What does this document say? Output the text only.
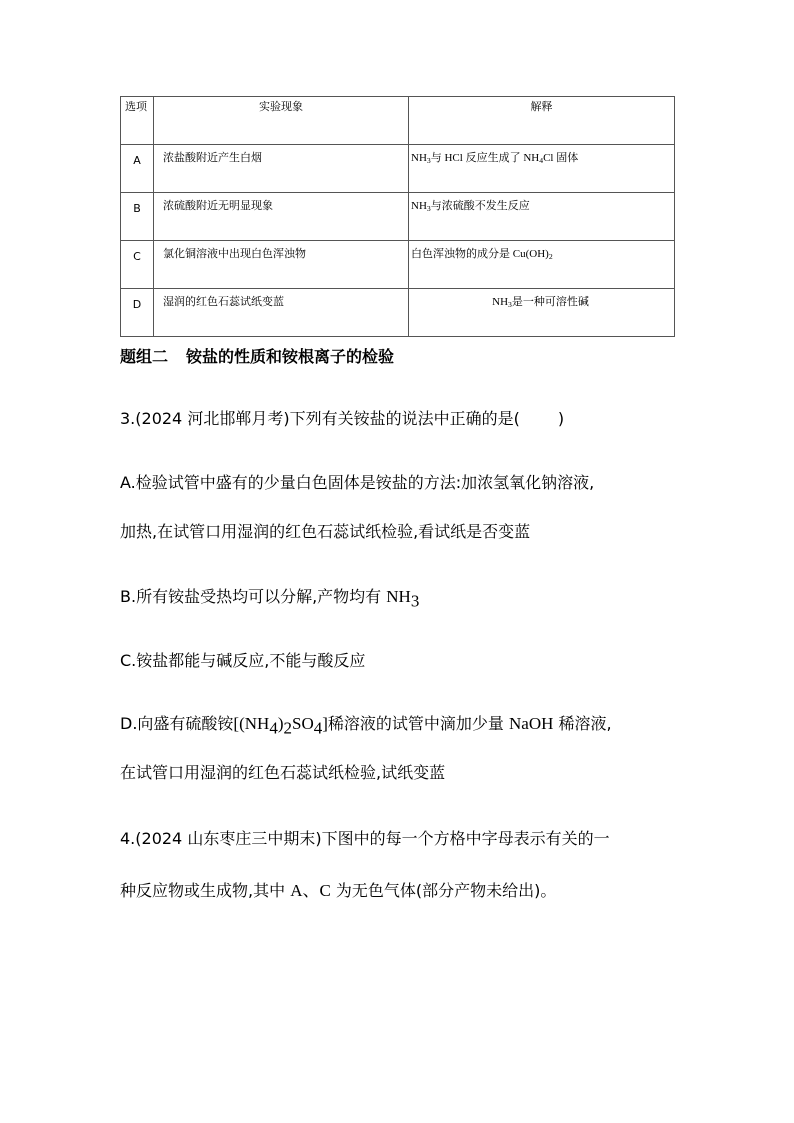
选项	实验现象	解释

A	浓盐酸附近产生白烟	$NH_3$与 HCl 反应生成了 $NH_4Cl$ 固体

B	浓硫酸附近无明显现象	$NH_3$与浓硫酸不发生反应

C	氯化铜溶液中出现白色浑浊物	白色浑浊物的成分是 $Cu(OH)_2$

D	湿润的红色石蕊试纸变蓝	$NH_3$是一种可溶性碱
题组二 铵盐的性质和铵根离子的检验
3.(2024 河北邯郸月考)下列有关铵盐的说法中正确的是( )
A.检验试管中盛有的少量白色固体是铵盐的方法:加浓氢氧化钠溶液,
加热,在试管口用湿润的红色石蕊试纸检验,看试纸是否变蓝
B.所有铵盐受热均可以分解,产物均有 $NH_3$
C.铵盐都能与碱反应,不能与酸反应
D.向盛有硫酸铵$[(NH_4)_2SO_4]$稀溶液的试管中滴加少量 NaOH 稀溶液,
在试管口用湿润的红色石蕊试纸检验,试纸变蓝
4.(2024 山东枣庄三中期末)下图中的每一个方格中字母表示有关的一
种反应物或生成物,其中 A、C 为无色气体(部分产物未给出)。
